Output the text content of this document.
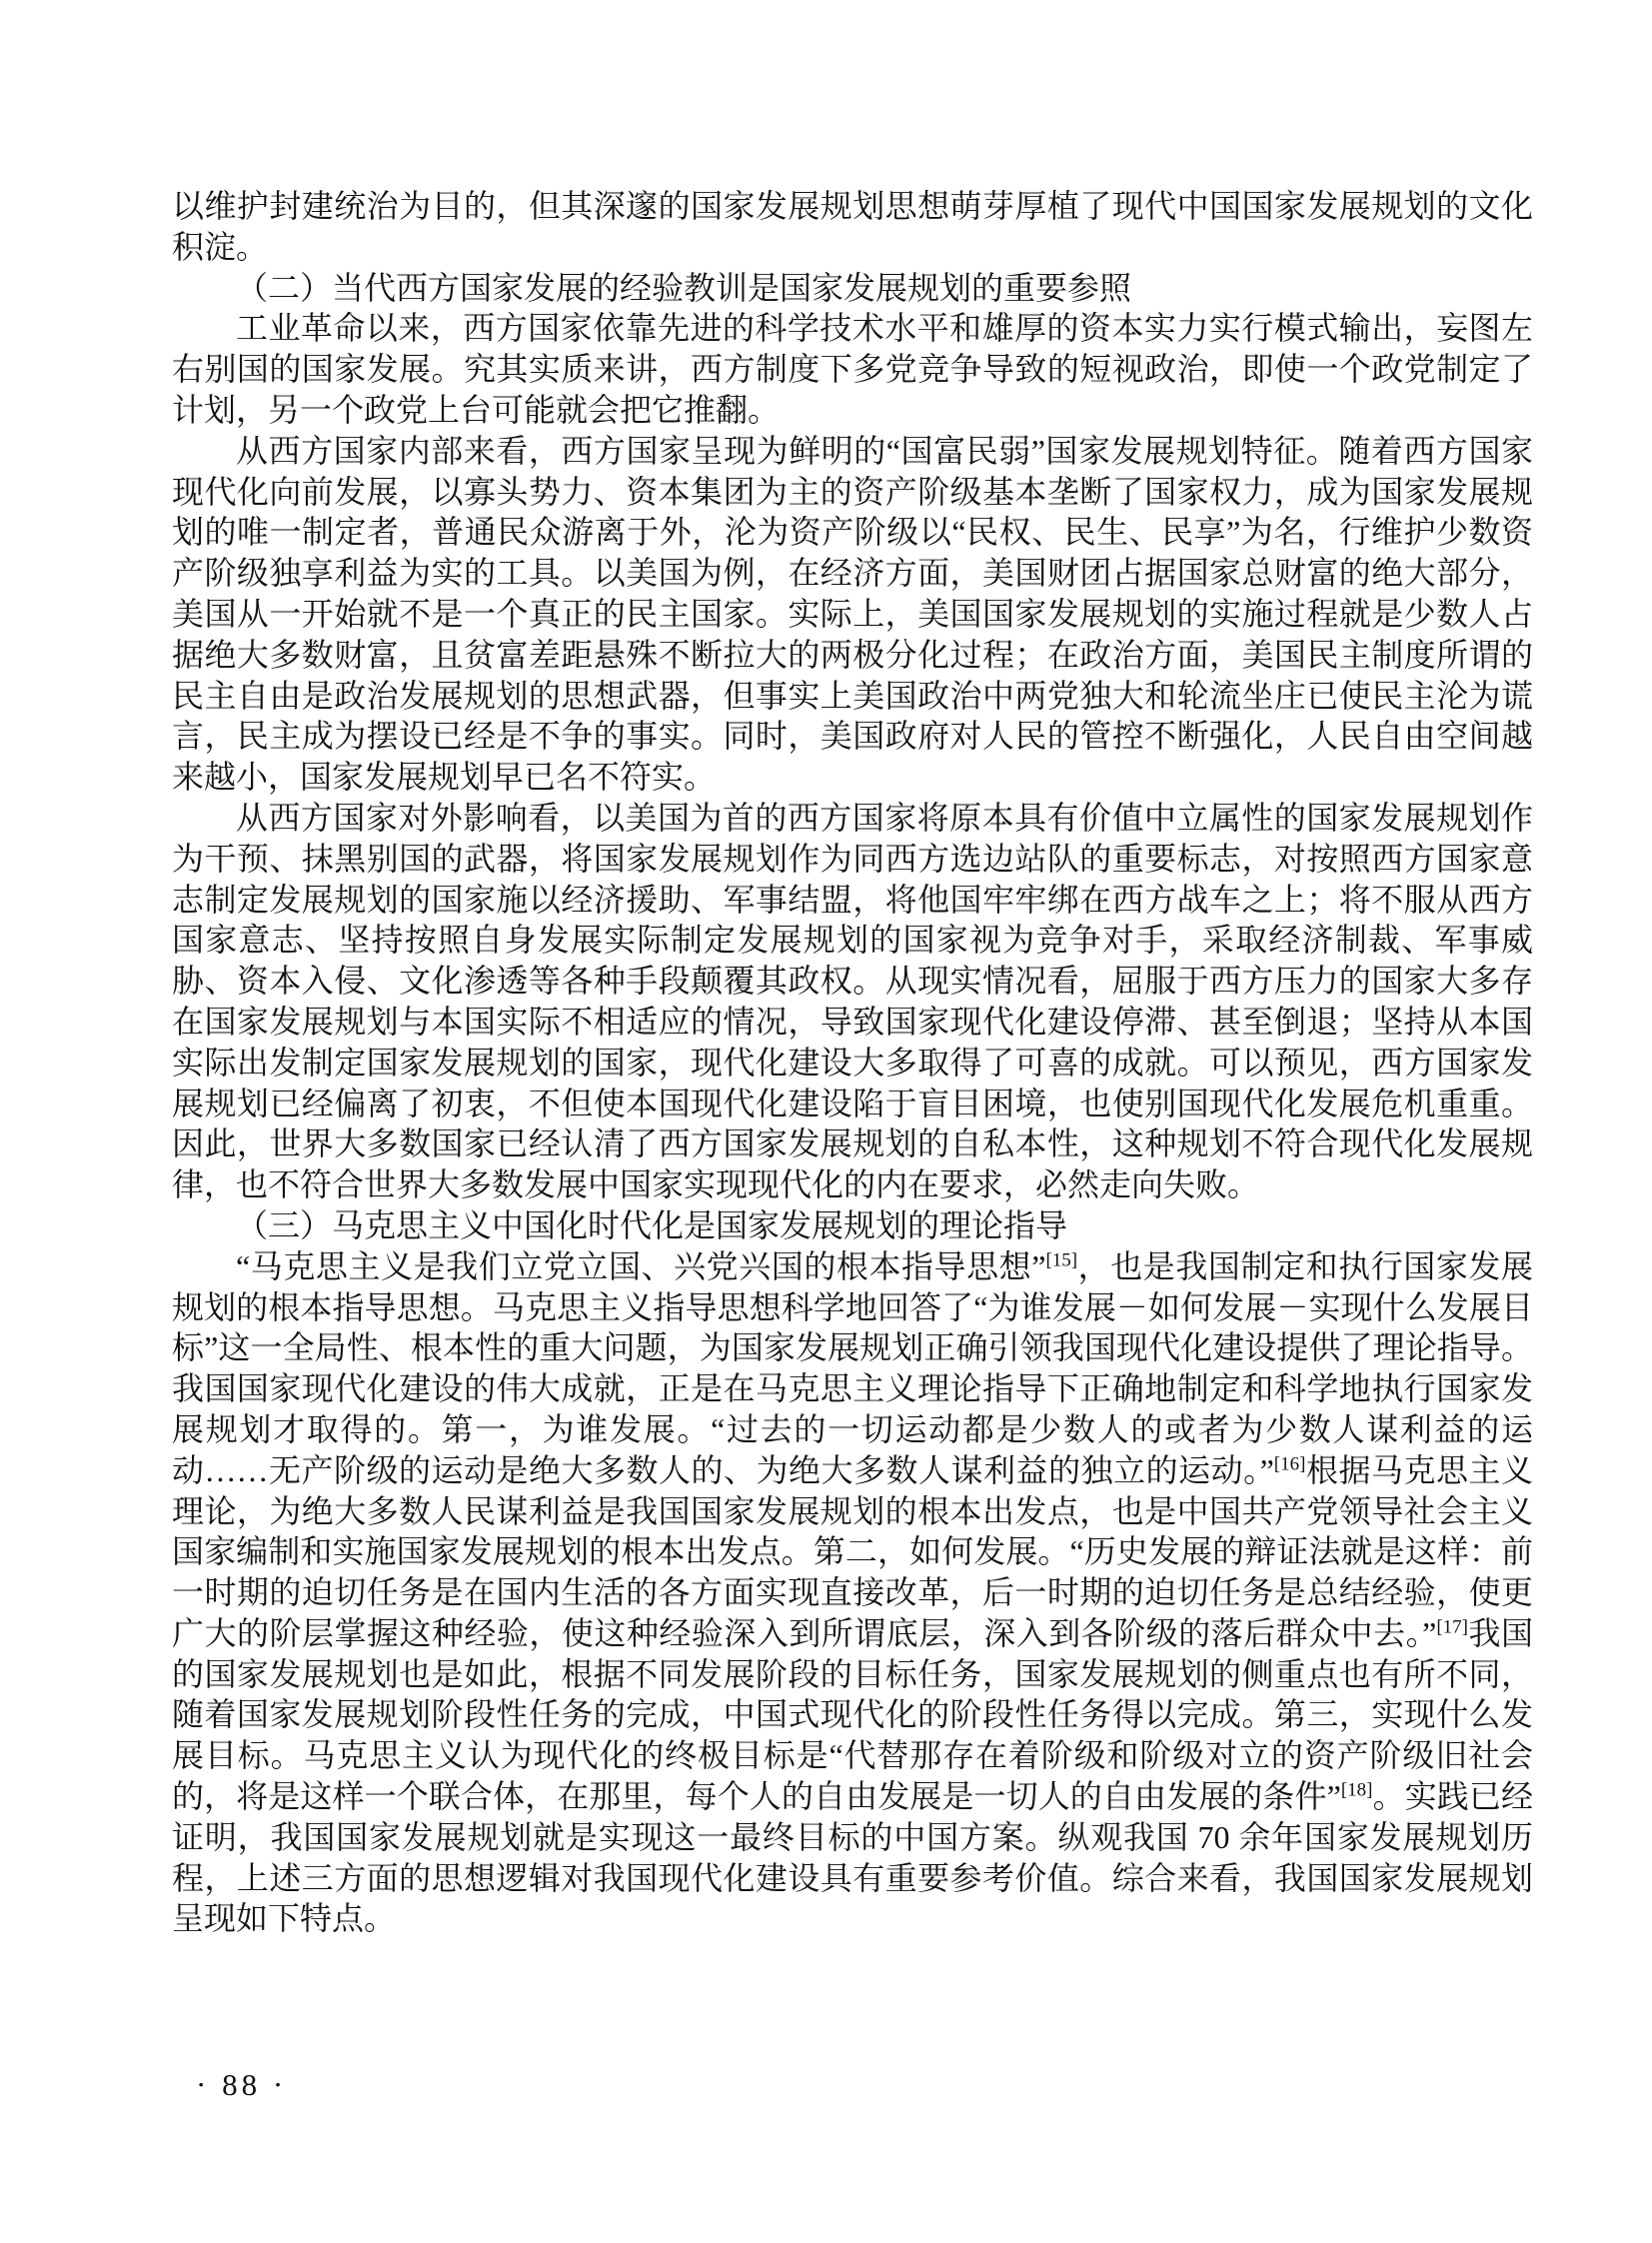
以维护封建统治为目的，但其深邃的国家发展规划思想萌芽厚植了现代中国国家发展规划的文化积淀。

（二）当代西方国家发展的经验教训是国家发展规划的重要参照

工业革命以来，西方国家依靠先进的科学技术水平和雄厚的资本实力实行模式输出，妄图左右别国的国家发展。究其实质来讲，西方制度下多党竞争导致的短视政治，即使一个政党制定了计划，另一个政党上台可能就会把它推翻。

从西方国家内部来看，西方国家呈现为鲜明的“国富民弱”国家发展规划特征。随着西方国家现代化向前发展，以寡头势力、资本集团为主的资产阶级基本垄断了国家权力，成为国家发展规划的唯一制定者，普通民众游离于外，沦为资产阶级以“民权、民生、民享”为名，行维护少数资产阶级独享利益为实的工具。以美国为例，在经济方面，美国财团占据国家总财富的绝大部分，美国从一开始就不是一个真正的民主国家。实际上，美国国家发展规划的实施过程就是少数人占据绝大多数财富，且贫富差距悬殊不断拉大的两极分化过程；在政治方面，美国民主制度所谓的民主自由是政治发展规划的思想武器，但事实上美国政治中两党独大和轮流坐庄已使民主沦为谎言，民主成为摆设已经是不争的事实。同时，美国政府对人民的管控不断强化，人民自由空间越来越小，国家发展规划早已名不符实。

从西方国家对外影响看，以美国为首的西方国家将原本具有价值中立属性的国家发展规划作为干预、抹黑别国的武器，将国家发展规划作为同西方选边站队的重要标志，对按照西方国家意志制定发展规划的国家施以经济援助、军事结盟，将他国牢牢绑在西方战车之上；将不服从西方国家意志、坚持按照自身发展实际制定发展规划的国家视为竞争对手，采取经济制裁、军事威胁、资本入侵、文化渗透等各种手段颠覆其政权。从现实情况看，屈服于西方压力的国家大多存在国家发展规划与本国实际不相适应的情况，导致国家现代化建设停滞、甚至倒退；坚持从本国实际出发制定国家发展规划的国家，现代化建设大多取得了可喜的成就。可以预见，西方国家发展规划已经偏离了初衷，不但使本国现代化建设陷于盲目困境，也使别国现代化发展危机重重。因此，世界大多数国家已经认清了西方国家发展规划的自私本性，这种规划不符合现代化发展规律，也不符合世界大多数发展中国家实现现代化的内在要求，必然走向失败。

（三）马克思主义中国化时代化是国家发展规划的理论指导

“马克思主义是我们立党立国、兴党兴国的根本指导思想”[15]，也是我国制定和执行国家发展规划的根本指导思想。马克思主义指导思想科学地回答了“为谁发展－如何发展－实现什么发展目标”这一全局性、根本性的重大问题，为国家发展规划正确引领我国现代化建设提供了理论指导。我国国家现代化建设的伟大成就，正是在马克思主义理论指导下正确地制定和科学地执行国家发展规划才取得的。第一，为谁发展。“过去的一切运动都是少数人的或者为少数人谋利益的运动……无产阶级的运动是绝大多数人的、为绝大多数人谋利益的独立的运动。”[16]根据马克思主义理论，为绝大多数人民谋利益是我国国家发展规划的根本出发点，也是中国共产党领导社会主义国家编制和实施国家发展规划的根本出发点。第二，如何发展。“历史发展的辩证法就是这样：前一时期的迫切任务是在国内生活的各方面实现直接改革，后一时期的迫切任务是总结经验，使更广大的阶层掌握这种经验，使这种经验深入到所谓底层，深入到各阶级的落后群众中去。”[17]我国的国家发展规划也是如此，根据不同发展阶段的目标任务，国家发展规划的侧重点也有所不同，随着国家发展规划阶段性任务的完成，中国式现代化的阶段性任务得以完成。第三，实现什么发展目标。马克思主义认为现代化的终极目标是“代替那存在着阶级和阶级对立的资产阶级旧社会的，将是这样一个联合体，在那里，每个人的自由发展是一切人的自由发展的条件”[18]。实践已经证明，我国国家发展规划就是实现这一最终目标的中国方案。纵观我国 70 余年国家发展规划历程，上述三方面的思想逻辑对我国现代化建设具有重要参考价值。综合来看，我国国家发展规划呈现如下特点。

· 88 ·
